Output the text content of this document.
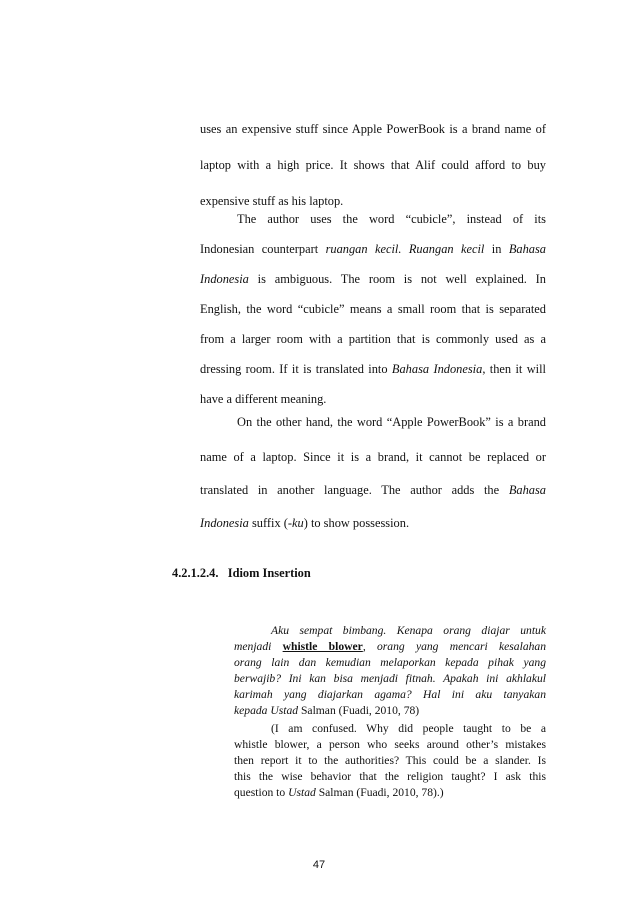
uses an expensive stuff since Apple PowerBook is a brand name of
laptop with a high price. It shows that Alif could afford to buy
expensive stuff as his laptop.
The author uses the word “cubicle”, instead of its
Indonesian counterpart ruangan kecil. Ruangan kecil in Bahasa
Indonesia is ambiguous. The room is not well explained. In
English, the word “cubicle” means a small room that is separated
from a larger room with a partition that is commonly used as a
dressing room. If it is translated into Bahasa Indonesia, then it will
have a different meaning.
On the other hand, the word “Apple PowerBook” is a brand
name of a laptop. Since it is a brand, it cannot be replaced or
translated in another language. The author adds the Bahasa
Indonesia suffix (-ku) to show possession.
4.2.1.2.4. Idiom Insertion
Aku sempat bimbang. Kenapa orang diajar untuk
menjadi whistle blower, orang yang mencari kesalahan
orang lain dan kemudian melaporkan kepada pihak yang
berwajib? Ini kan bisa menjadi fitnah. Apakah ini akhlakul
karimah yang diajarkan agama? Hal ini aku tanyakan
kepada Ustad Salman (Fuadi, 2010, 78)
(I am confused. Why did people taught to be a
whistle blower, a person who seeks around other’s mistakes
then report it to the authorities? This could be a slander. Is
this the wise behavior that the religion taught? I ask this
question to Ustad Salman (Fuadi, 2010, 78).)
47
